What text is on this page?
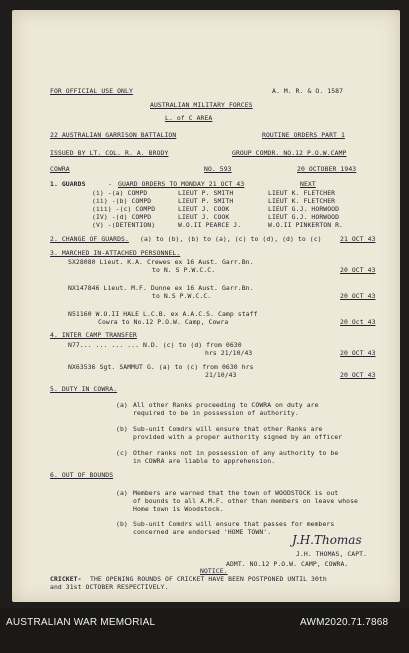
FOR OFFICIAL USE ONLY	A. M. R. & O. 1587
AUSTRALIAN MILITARY FORCES
L. of C AREA
22 AUSTRALIAN GARRISON BATTALION	ROUTINE ORDERS PART 1
ISSUED BY LT. COL. R. A. BRODY	GROUP COMDR. NO.12 P.O.W.CAMP
COWRA	NO. 593	20 OCTOBER 1943
1. GUARDS	- GUARD ORDERS TO MONDAY 21 OCT 43	NEXT
(i) -(a) COMPD	LIEUT P. SMITH	LIEUT K. FLETCHER
(ii) -(b) COMPD	LIEUT P. SMITH	LIEUT K. FLETCHER
(iii) -(c) COMPD	LIEUT J. COOK	LIEUT G.J. HORWOOD
(IV) -(d) COMPD	LIEUT J. COOK	LIEUT G.J. HORWOOD
(V) -(DETENTION)	W.O.II PEARCE J.	W.O.II PINKERTON R.
2. CHANGE OF GUARDS. (a) to (b), (b) to (a), (c) to (d), (d) to (c)	21 OCT 43
3. MARCHED IN-ATTACHED PERSONNEL.
SX28080 Lieut. K.A. Crewes ex 16 Aust. Garr.Bn.
to N. S P.W.C.C.	20 OCT 43
NX147846 Lieut. M.F. Dunne ex 16 Aust. Garr.Bn.
to N.S P.W.C.C.	20 OCT 43
N51160 W.O.II HALE L.C.B. ex A.A.C.S. Camp staff
Cowra to No.12 P.O.W. Camp, Cowra	20 Oct 43
4. INTER CAMP TRANSFER
N77... ... ... ... N.D. (c) to (d) from 0630
hrs 21/10/43	20 OCT 43
NX63536 Sgt. SAMMUT G. (a) to (c) from 0630 hrs
21/10/43	20 OCT 43
5. DUTY IN COWRA.
(a) All other Ranks proceeding to COWRA on duty are
required to be in possession of authority.
(b) Sub-unit Comdrs will ensure that other Ranks are
provided with a proper authority signed by an officer
(c) Other ranks not in possession of any authority to be
in COWRA are liable to apprehension.
6. OUT OF BOUNDS
(a) Members are warned that the town of WOODSTOCK is out
of bounds to all A.M.F. other than members on leave whose
Home town is Woodstock.
(b) Sub-unit Comdrs will ensure that passes for members
concerned are endorsed 'HOME TOWN'.
J.H.Thomas
J.H. THOMAS, CAPT.
ADMT. NO.12 P.O.W. CAMP, COWRA.
NOTICE.
CRICKET- THE OPENING ROUNDS OF CRICKET HAVE BEEN POSTPONED UNTIL 30th
and 31st OCTOBER RESPECTIVELY.
AUSTRALIAN WAR MEMORIAL	AWM2020.71.7868
